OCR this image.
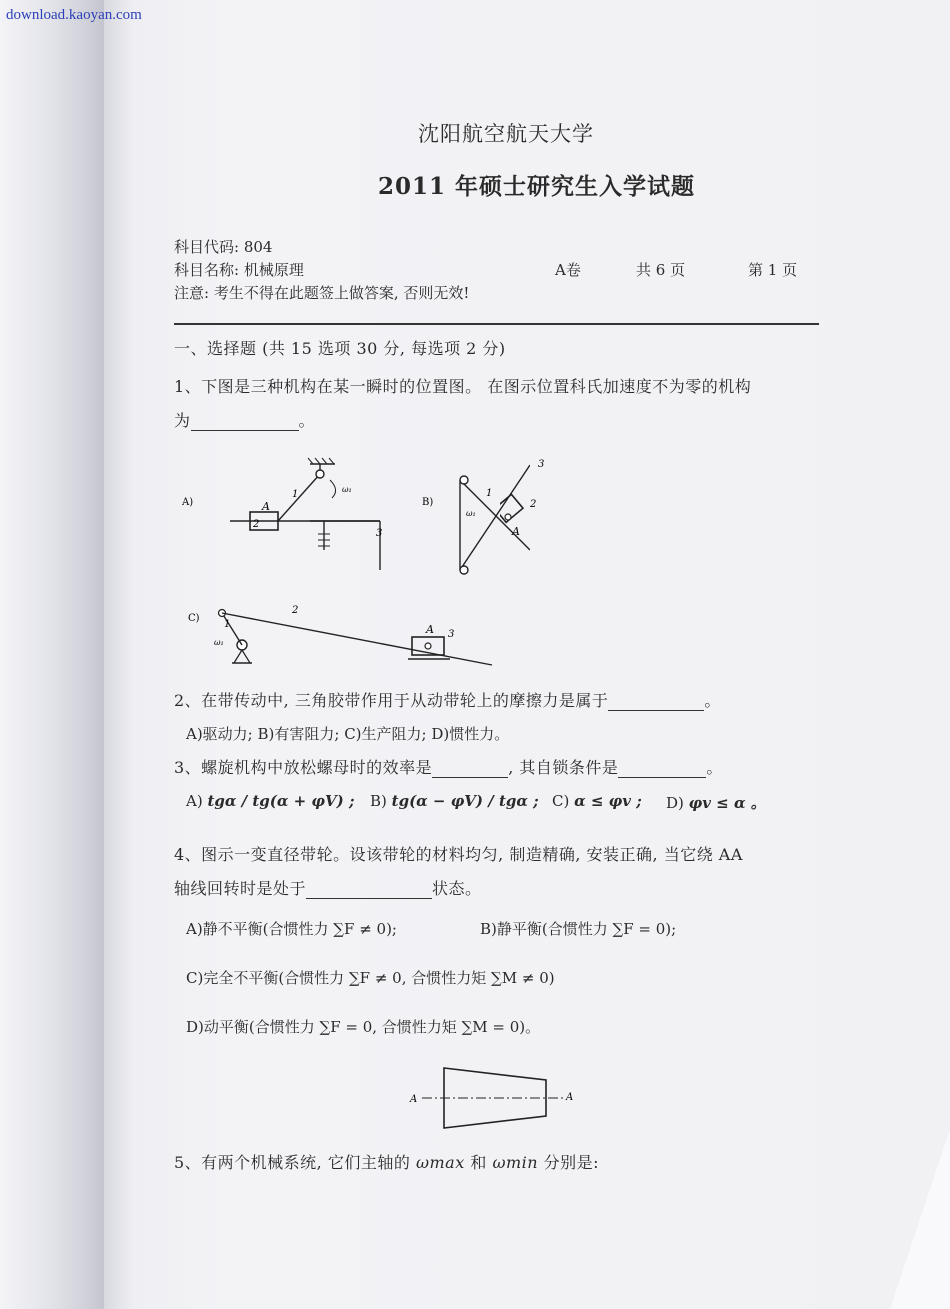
download.kaoyan.com
沈阳航空航天大学
2011 年硕士研究生入学试题
科目代码: 804
科目名称: 机械原理	A卷	共 6 页	第 1 页
注意: 考生不得在此题签上做答案, 否则无效!
一、选择题 (共 15 选项 30 分, 每选项 2 分)
1、下图是三种机构在某一瞬时的位置图。 在图示位置科氏加速度不为零的机构
为	。
A)	A
2
1
3
ω₁
B)
1
ω₁
A
3
2
C)
1
2
3
A
ω₁
2、在带传动中, 三角胶带作用于从动带轮上的摩擦力是属于	。
A)驱动力; B)有害阻力; C)生产阻力; D)惯性力。
3、螺旋机构中放松螺母时的效率是	, 其自锁条件是	。
A) tgα / tg(α + φV) ; B) tg(α − φV) / tgα ; C) α ≤ φv ; D) φv ≤ α 。
4、图示一变直径带轮。设该带轮的材料均匀, 制造精确, 安装正确, 当它绕 AA
轴线回转时是处于	状态。
A)静不平衡(合惯性力 ∑F ≠ 0);	B)静平衡(合惯性力 ∑F = 0);
C)完全不平衡(合惯性力 ∑F ≠ 0, 合惯性力矩 ∑M ≠ 0)
D)动平衡(合惯性力 ∑F = 0, 合惯性力矩 ∑M = 0)。
A	A
5、有两个机械系统, 它们主轴的 ωmax 和 ωmin 分别是:
